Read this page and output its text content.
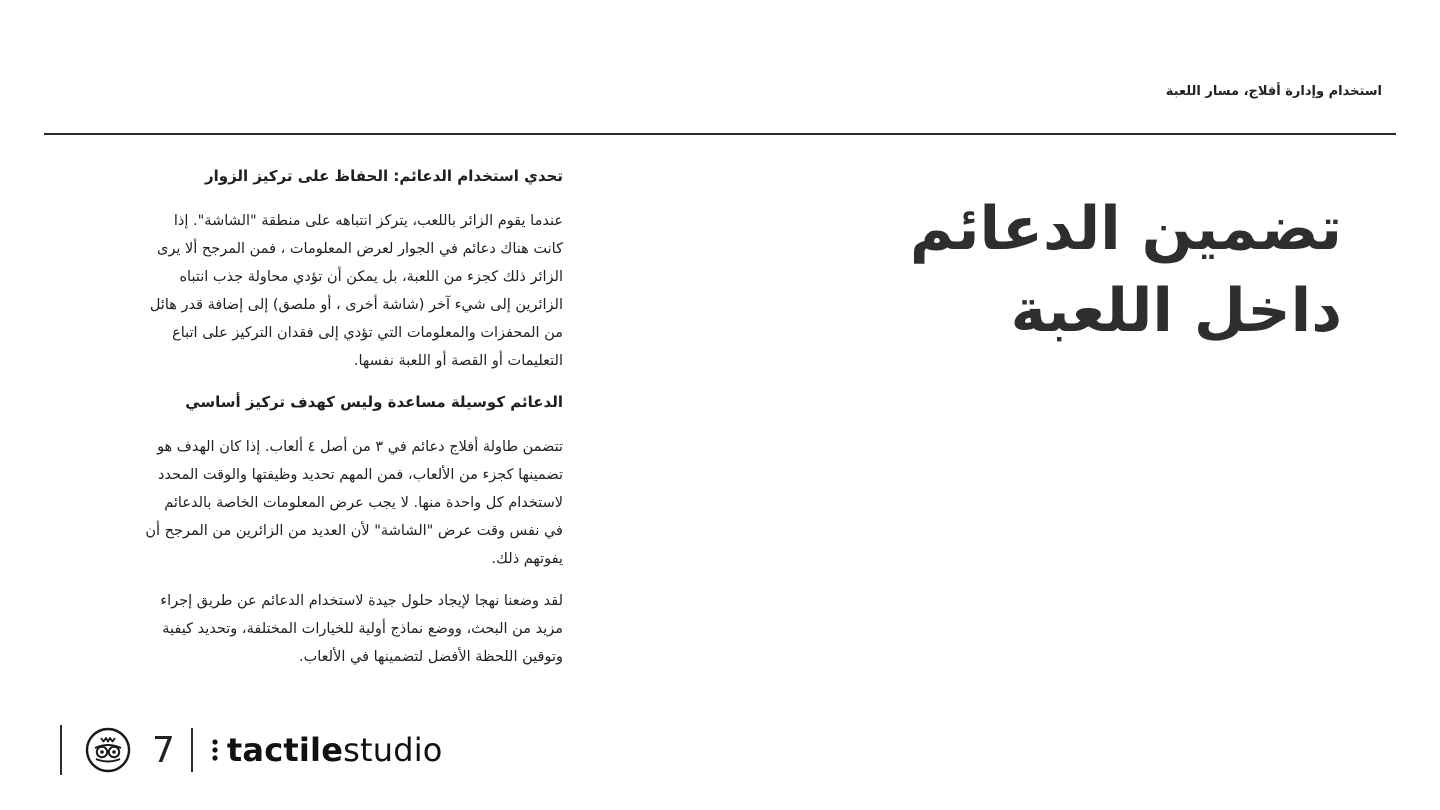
استخدام وإدارة أفلاج، مسار اللعبة
تضمين الدعائم
داخل اللعبة
تحدي استخدام الدعائم: الحفاظ على تركيز الزوار

عندما يقوم الزائر باللعب، يتركز انتباهه على منطقة "الشاشة". إذا كانت هناك دعائم في الجوار لعرض المعلومات ، فمن المرجح ألا يرى الزائر ذلك كجزء من اللعبة، بل يمكن أن تؤدي محاولة جذب انتباه الزائرين إلى شيء آخر (شاشة أخرى ، أو ملصق) إلى إضافة قدر هائل من المحفزات والمعلومات التي تؤدي إلى فقدان التركيز على اتباع التعليمات أو القصة أو اللعبة نفسها.

الدعائم كوسيلة مساعدة وليس كهدف تركيز أساسي

تتضمن طاولة أفلاج دعائم في ٣ من أصل ٤ ألعاب. إذا كان الهدف هو تضمينها كجزء من الألعاب، فمن المهم تحديد وظيفتها والوقت المحدد لاستخدام كل واحدة منها. لا يجب عرض المعلومات الخاصة بالدعائم في نفس وقت عرض "الشاشة" لأن العديد من الزائرين من المرجح أن يفوتهم ذلك.

لقد وضعنا نهجا لإيجاد حلول جيدة لاستخدام الدعائم عن طريق إجراء مزيد من البحث، ووضع نماذج أولية للخيارات المختلفة، وتحديد كيفية وتوقين اللحظة الأفضل لتضمينها في الألعاب.

7 tactilestudio
